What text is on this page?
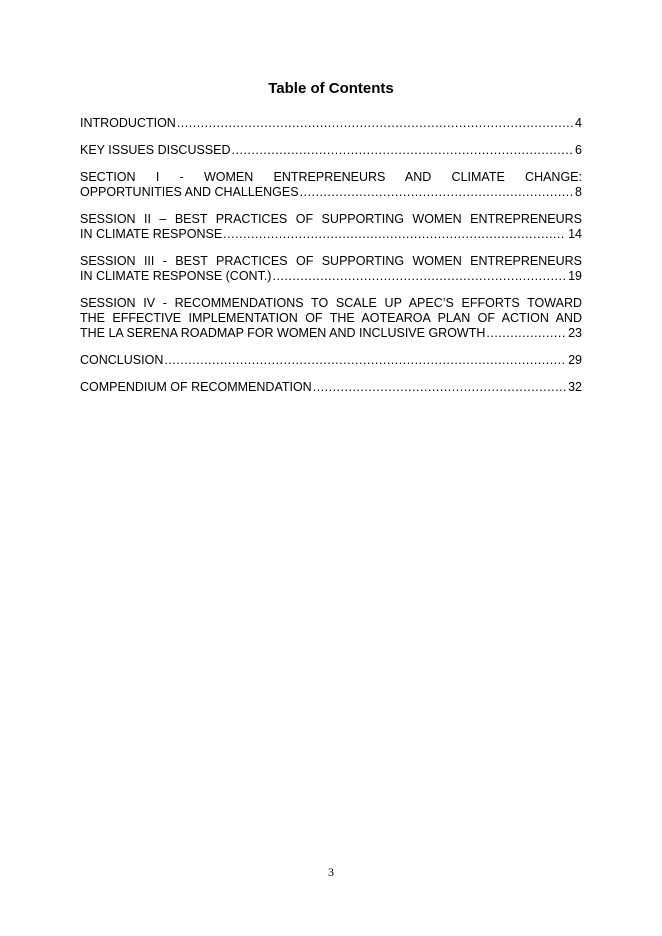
Table of Contents
INTRODUCTION .....	4
KEY ISSUES DISCUSSED .....	6
SECTION I - WOMEN ENTREPRENEURS AND CLIMATE CHANGE:
OPPORTUNITIES AND CHALLENGES .....	8
SESSION II – BEST PRACTICES OF SUPPORTING WOMEN ENTREPRENEURS
IN CLIMATE RESPONSE .....	14
SESSION III - BEST PRACTICES OF SUPPORTING WOMEN ENTREPRENEURS
IN CLIMATE RESPONSE (CONT.) .....	19
SESSION IV - RECOMMENDATIONS TO SCALE UP APEC’S EFFORTS TOWARD
THE EFFECTIVE IMPLEMENTATION OF THE AOTEAROA PLAN OF ACTION AND
THE LA SERENA ROADMAP FOR WOMEN AND INCLUSIVE GROWTH .....	23
CONCLUSION .....	29
COMPENDIUM OF RECOMMENDATION .....	32
3
